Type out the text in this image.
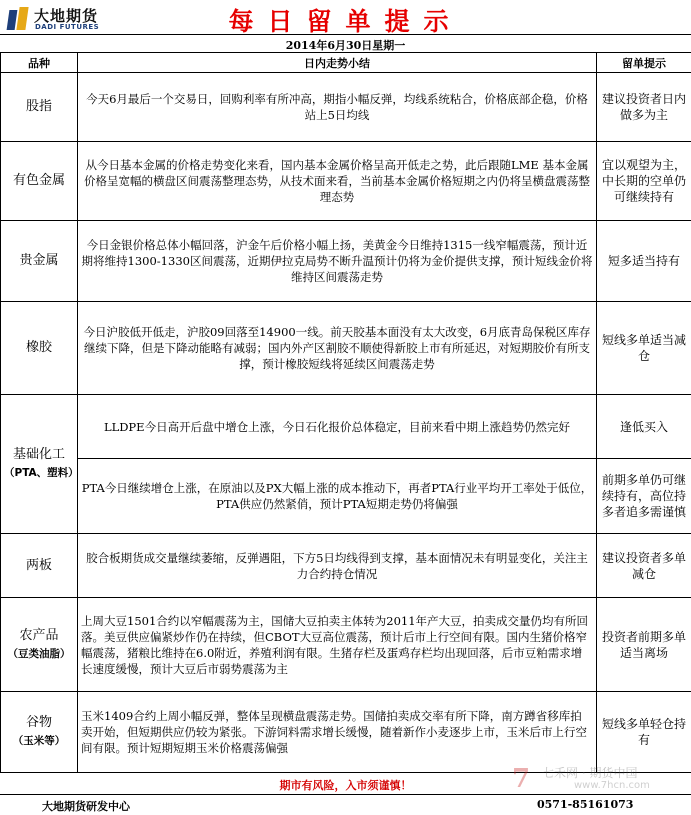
大地期货
DADI FUTURES	每日留单提示
2014年6月30日星期一
品种	日内走势小结	留单提示
股指	今天6月最后一个交易日，回购利率有所冲高，期指小幅反弹，均线系统粘合，价格底部企稳，价格站上5日均线	建议投资者日内做多为主
有色金属	从今日基本金属的价格走势变化来看，国内基本金属价格呈高开低走之势，此后跟随LME 基本金属价格呈宽幅的横盘区间震荡整理态势，从技术面来看，当前基本金属价格短期之内仍将呈横盘震荡整理态势	宜以观望为主，中长期的空单仍可继续持有
贵金属	今日金银价格总体小幅回落，沪金午后价格小幅上扬，美黄金今日维持1315一线窄幅震荡，预计近期将维持1300-1330区间震荡，近期伊拉克局势不断升温预计仍将为金价提供支撑，预计短线金价将维持区间震荡走势	短多适当持有
橡胶	今日沪胶低开低走，沪胶09回落至14900一线。前天胶基本面没有太大改变，6月底青岛保税区库存继续下降，但是下降动能略有减弱；国内外产区割胶不顺使得新胶上市有所延迟，对短期胶价有所支撑，预计橡胶短线将延续区间震荡走势	短线多单适当减仓

基础化工
（PTA、塑料）	LLDPE今日高开后盘中增仓上涨，今日石化报价总体稳定，目前来看中期上涨趋势仍然完好	逢低买入
	PTA今日继续增仓上涨，在原油以及PX大幅上涨的成本推动下，再者PTA行业平均开工率处于低位，PTA供应仍然紧俏，预计PTA短期走势仍将偏强	前期多单仍可继续持有，高位持多者追多需谨慎
两板	胶合板期货成交量继续萎缩，反弹遇阻，下方5日均线得到支撑，基本面情况未有明显变化，关注主力合约持仓情况	建议投资者多单减仓

农产品
（豆类油脂）	上周大豆1501合约以窄幅震荡为主，国储大豆拍卖主体转为2011年产大豆，拍卖成交量仍均有所回落。美豆供应偏紧炒作仍在持续，但CBOT大豆高位震荡，预计后市上行空间有限。国内生猪价格窄幅震荡，猪粮比维持在6.0附近，养殖利润有限。生猪存栏及蛋鸡存栏均出现回落，后市豆粕需求增长速度缓慢，预计大豆后市弱势震荡为主	投资者前期多单适当离场

谷物
（玉米等）	玉米1409合约上周小幅反弹，整体呈现横盘震荡走势。国储拍卖成交率有所下降，南方蹲省移库拍卖开始，但短期供应仍较为紧张。下游饲料需求增长缓慢，随着新作小麦逐步上市，玉米后市上行空间有限。预计短期短期玉米价格震荡偏强	短线多单轻仓持有
期市有风险，入市须谨慎！	7 七禾网 · 期货中国
www.7hcn.com
大地期货研发中心	0571-85161073
